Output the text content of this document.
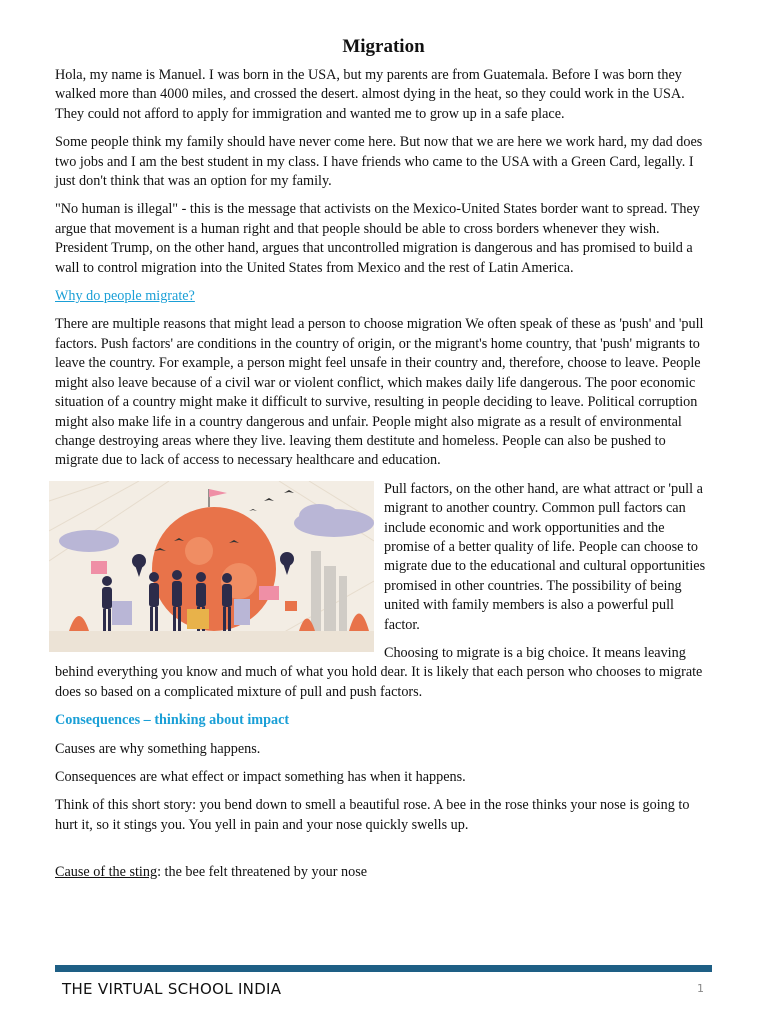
Migration

Hola, my name is Manuel. I was born in the USA, but my parents are from Guatemala. Before I was born they walked more than 4000 miles, and crossed the desert. almost dying in the heat, so they could work in the USA. They could not afford to apply for immigration and wanted me to grow up in a safe place.

Some people think my family should have never come here. But now that we are here we work hard, my dad does two jobs and I am the best student in my class. I have friends who came to the USA with a Green Card, legally. I just don't think that was an option for my family.

"No human is illegal" - this is the message that activists on the Mexico-United States border want to spread. They argue that movement is a human right and that people should be able to cross borders whenever they wish. President Trump, on the other hand, argues that uncontrolled migration is dangerous and has promised to build a wall to control migration into the United States from Mexico and the rest of Latin America.

Why do people migrate?

There are multiple reasons that might lead a person to choose migration We often speak of these as 'push' and 'pull factors. Push factors' are conditions in the country of origin, or the migrant's home country, that 'push' migrants to leave the country. For example, a person might feel unsafe in their country and, therefore, choose to leave. People might also leave because of a civil war or violent conflict, which makes daily life dangerous. The poor economic situation of a country might make it difficult to survive, resulting in people deciding to leave. Political corruption might also make life in a country dangerous and unfair. People might also migrate as a result of environmental change destroying areas where they live. leaving them destitute and homeless. People can also be pushed to migrate due to lack of access to necessary healthcare and education.

Pull factors, on the other hand, are what attract or 'pull a migrant to another country. Common pull factors can include economic and work opportunities and the promise of a better quality of life. People can choose to migrate due to the educational and cultural opportunities promised in other countries. The possibility of being united with family members is also a powerful pull factor.

Choosing to migrate is a big choice. It means leaving behind everything you know and much of what you hold dear. It is likely that each person who chooses to migrate does so based on a complicated mixture of pull and push factors.

Consequences – thinking about impact

Causes are why something happens.

Consequences are what effect or impact something has when it happens.

Think of this short story: you bend down to smell a beautiful rose. A bee in the rose thinks your nose is going to hurt it, so it stings you. You yell in pain and your nose quickly swells up.

Cause of the sting: the bee felt threatened by your nose

THE VIRTUAL SCHOOL INDIA	1
